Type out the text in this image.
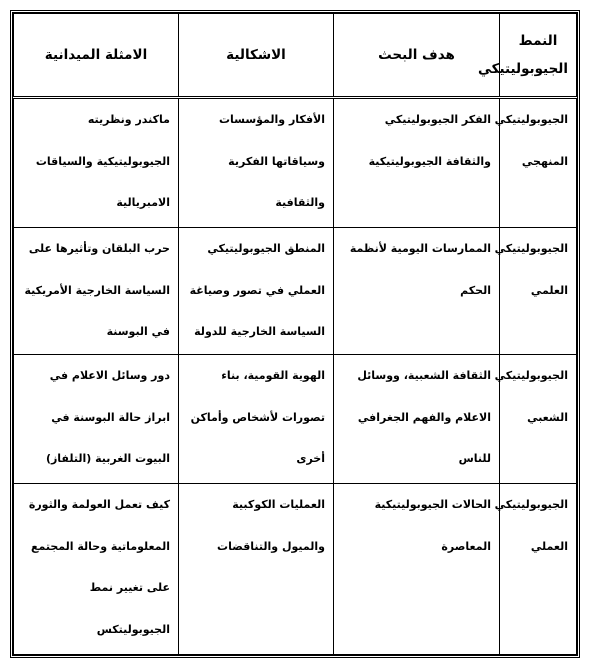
النمط الجيوبوليتيكي	هدف البحث	الاشكالية	الامثلة الميدانية

الجيوبوليتيكي المنهجي	الفكر الجيوبوليتيكي والثقافة الجيوبوليتيكية	الأفكار والمؤسسات وسياقاتها الفكرية والثقافية	ماكندر ونظريته الجيوبوليتيكية والسياقات الامبريالية

الجيوبوليتيكي العلمي	الممارسات اليومية لأنظمة الحكم	المنطق الجيوبوليتيكي العملي في تصور وصياغة السياسة الخارجية للدولة	حرب البلقان وتأثيرها على السياسة الخارجية الأمريكية في البوسنة

الجيوبوليتيكي الشعبي	الثقافة الشعبية، ووسائل الاعلام والفهم الجغرافي للناس	الهوية القومية، بناء تصورات لأشخاص وأماكن أخرى	دور وسائل الاعلام في ابراز حالة البوسنة في البيوت الغربية (التلفاز)

الجيوبوليتيكي العملي	الحالات الجيوبوليتيكية المعاصرة	العمليات الكوكبية والميول والتناقضات	كيف تعمل العولمة والثورة المعلوماتية وحالة المجتمع على تغيير نمط الجيوبوليتكس
